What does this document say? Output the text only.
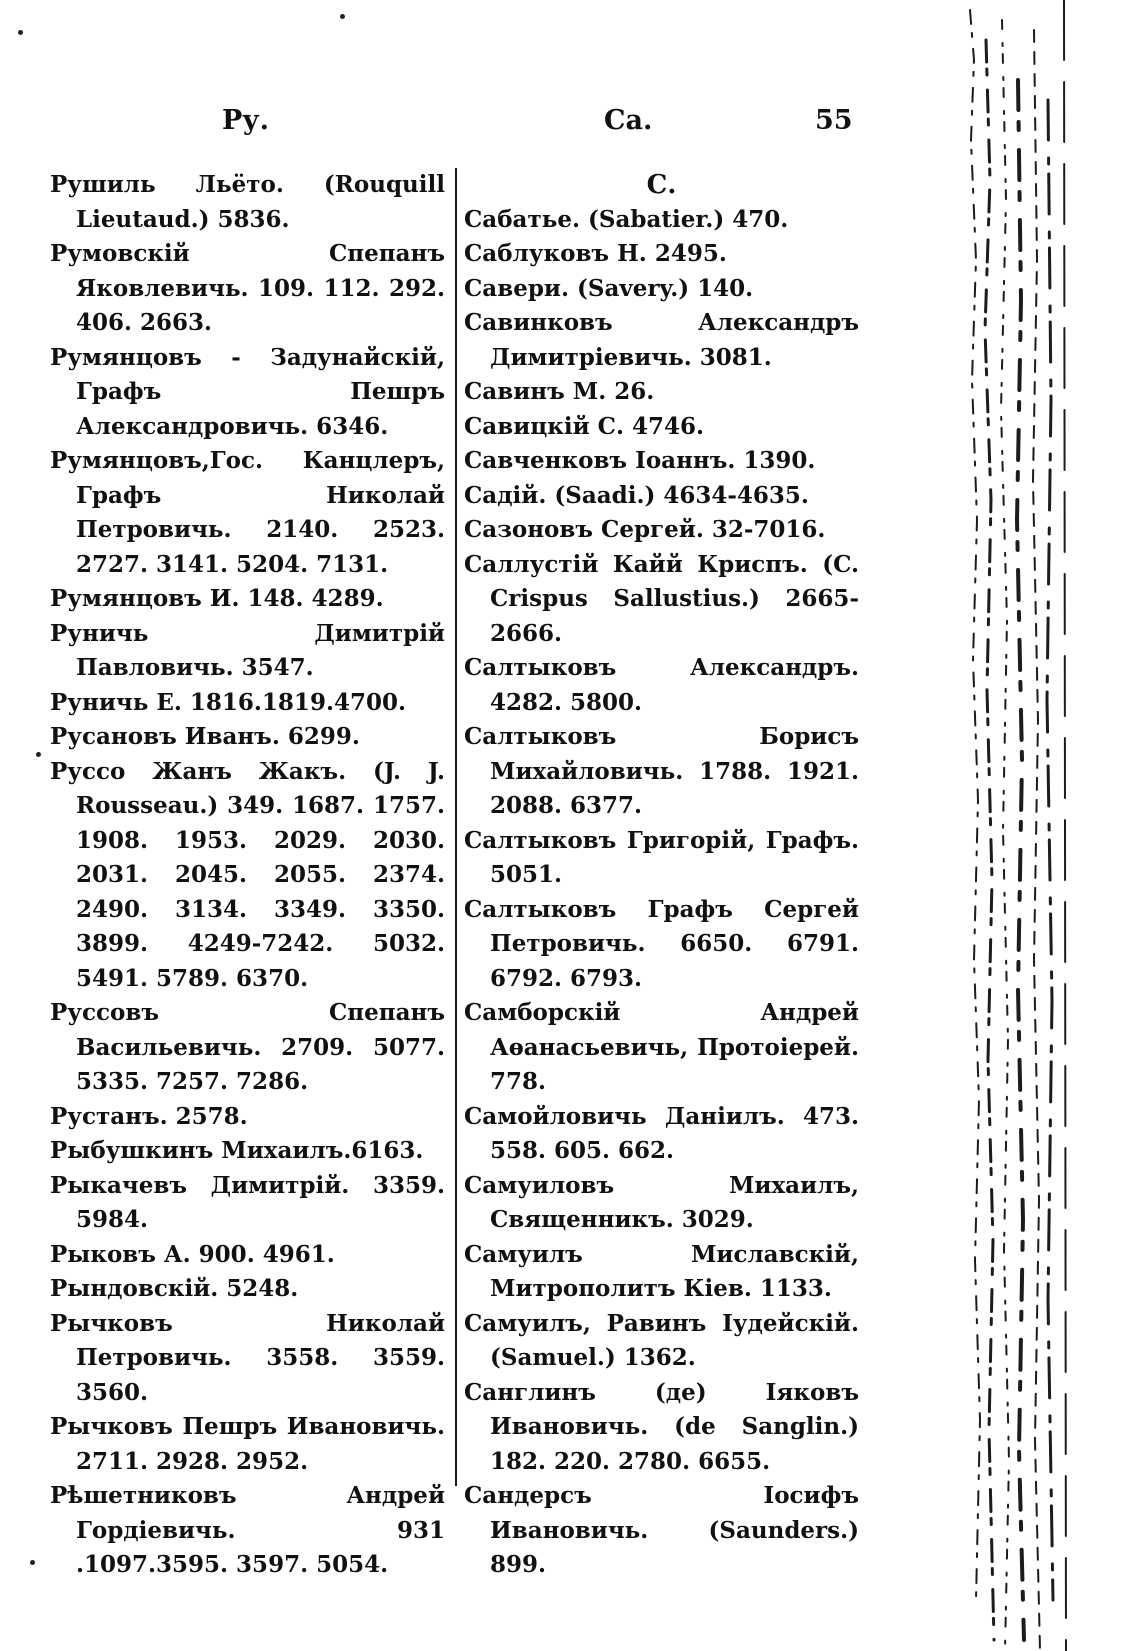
Ру.	Са.	55
Рушиль Льёто. (Rouquill Lieutaud.) 5836.
Румовскій Спепанъ Яковлевичь. 109. 112. 292. 406. 2663.
Румянцовъ - Задунайскій, Графъ Пешръ Александровичь. 6346.
Румянцовъ,Гос. Канцлеръ, Графъ Николай Петровичь. 2140. 2523. 2727. 3141. 5204. 7131.
Румянцовъ И. 148. 4289.
Руничь Димитрій Павловичь. 3547.
Руничь Е. 1816.1819.4700.
Русановъ Иванъ. 6299.
Руссо Жанъ Жакъ. (J. J. Rousseau.) 349. 1687. 1757. 1908. 1953. 2029. 2030. 2031. 2045. 2055. 2374. 2490. 3134. 3349. 3350. 3899. 4249-7242. 5032. 5491. 5789. 6370.
Руссовъ Спепанъ Васильевичь. 2709. 5077. 5335. 7257. 7286.
Рустанъ. 2578.
Рыбушкинъ Михаилъ.6163.
Рыкачевъ Димитрій. 3359. 5984.
Рыковъ А. 900. 4961.
Рындовскій. 5248.
Рычковъ Николай Петровичь. 3558. 3559. 3560.
Рычковъ Пешръ Ивановичь. 2711. 2928. 2952.
Рѣшетниковъ Андрей Гордіевичь. 931 .1097.3595. 3597. 5054.
С.
Сабатье. (Sabatier.) 470.
Саблуковъ Н. 2495.
Савери. (Savery.) 140.
Савинковъ Александръ Димитріевичь. 3081.
Савинъ М. 26.
Савицкій С. 4746.
Савченковъ Іоаннъ. 1390.
Садій. (Saadi.) 4634-4635.
Сазоновъ Сергей. 32-7016.
Саллустій Кайй Криспъ. (C. Crispus Sallustius.) 2665-2666.
Салтыковъ Александръ. 4282. 5800.
Салтыковъ Борисъ Михайловичь. 1788. 1921. 2088. 6377.
Салтыковъ Григорій, Графъ. 5051.
Салтыковъ Графъ Сергей Петровичь. 6650. 6791. 6792. 6793.
Самборскій Андрей Аѳанасьевичь, Протоіерей. 778.
Самойловичь Даніилъ. 473. 558. 605. 662.
Самуиловъ Михаилъ, Священникъ. 3029.
Самуилъ Миславскій, Митрополитъ Кіев. 1133.
Самуилъ, Равинъ Іудейскій. (Samuel.) 1362.
Санглинъ (де) Іяковъ Ивановичь. (de Sanglin.) 182. 220. 2780. 6655.
Сандерсъ Іосифъ Ивановичь. (Saunders.) 899.
